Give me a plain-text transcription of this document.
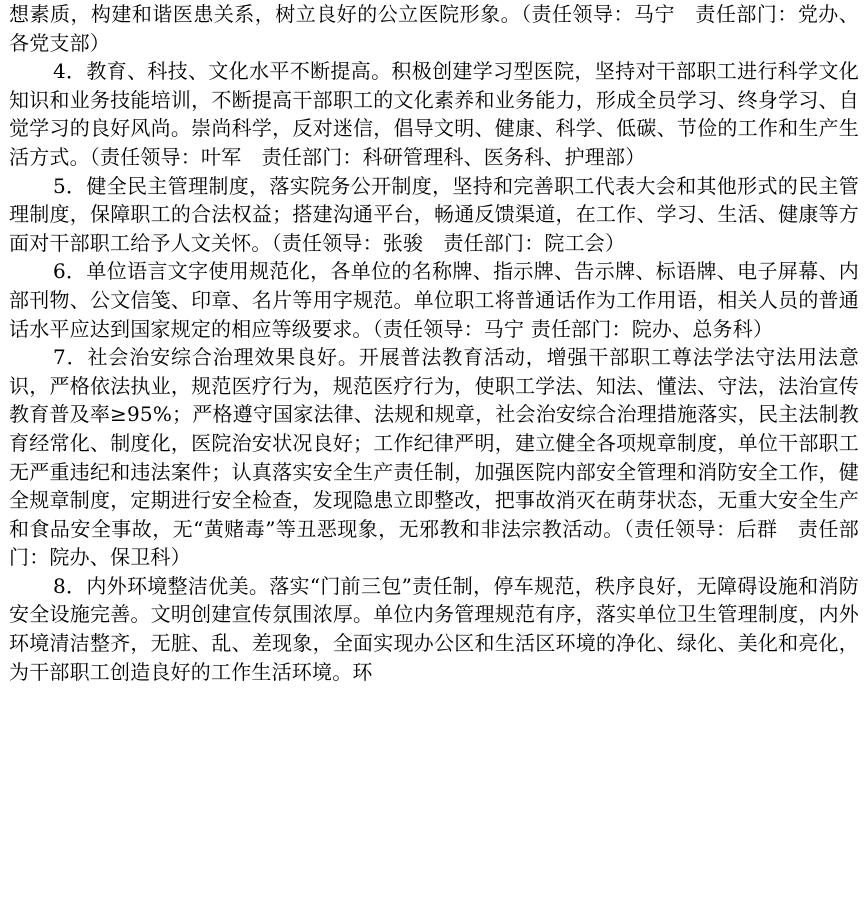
想素质，构建和谐医患关系，树立良好的公立医院形象。（责任领导：马宁　责任部门：党办、各党支部）

4．教育、科技、文化水平不断提高。积极创建学习型医院，坚持对干部职工进行科学文化知识和业务技能培训，不断提高干部职工的文化素养和业务能力，形成全员学习、终身学习、自觉学习的良好风尚。崇尚科学，反对迷信，倡导文明、健康、科学、低碳、节俭的工作和生产生活方式。（责任领导：叶军　责任部门：科研管理科、医务科、护理部）

5．健全民主管理制度，落实院务公开制度，坚持和完善职工代表大会和其他形式的民主管理制度，保障职工的合法权益；搭建沟通平台，畅通反馈渠道，在工作、学习、生活、健康等方面对干部职工给予人文关怀。（责任领导：张骏　责任部门：院工会）

6．单位语言文字使用规范化，各单位的名称牌、指示牌、告示牌、标语牌、电子屏幕、内部刊物、公文信笺、印章、名片等用字规范。单位职工将普通话作为工作用语，相关人员的普通话水平应达到国家规定的相应等级要求。（责任领导：马宁 责任部门：院办、总务科）

7．社会治安综合治理效果良好。开展普法教育活动，增强干部职工尊法学法守法用法意识，严格依法执业，规范医疗行为，规范医疗行为，使职工学法、知法、懂法、守法，法治宣传教育普及率≥95%；严格遵守国家法律、法规和规章，社会治安综合治理措施落实，民主法制教育经常化、制度化，医院治安状况良好；工作纪律严明，建立健全各项规章制度，单位干部职工无严重违纪和违法案件；认真落实安全生产责任制，加强医院内部安全管理和消防安全工作，健全规章制度，定期进行安全检查，发现隐患立即整改，把事故消灭在萌芽状态，无重大安全生产和食品安全事故，无“黄赌毒”等丑恶现象，无邪教和非法宗教活动。（责任领导：后群　责任部门：院办、保卫科）

8．内外环境整洁优美。落实“门前三包”责任制，停车规范，秩序良好，无障碍设施和消防安全设施完善。文明创建宣传氛围浓厚。单位内务管理规范有序，落实单位卫生管理制度，内外环境清洁整齐，无脏、乱、差现象，全面实现办公区和生活区环境的净化、绿化、美化和亮化，为干部职工创造良好的工作生活环境。环
